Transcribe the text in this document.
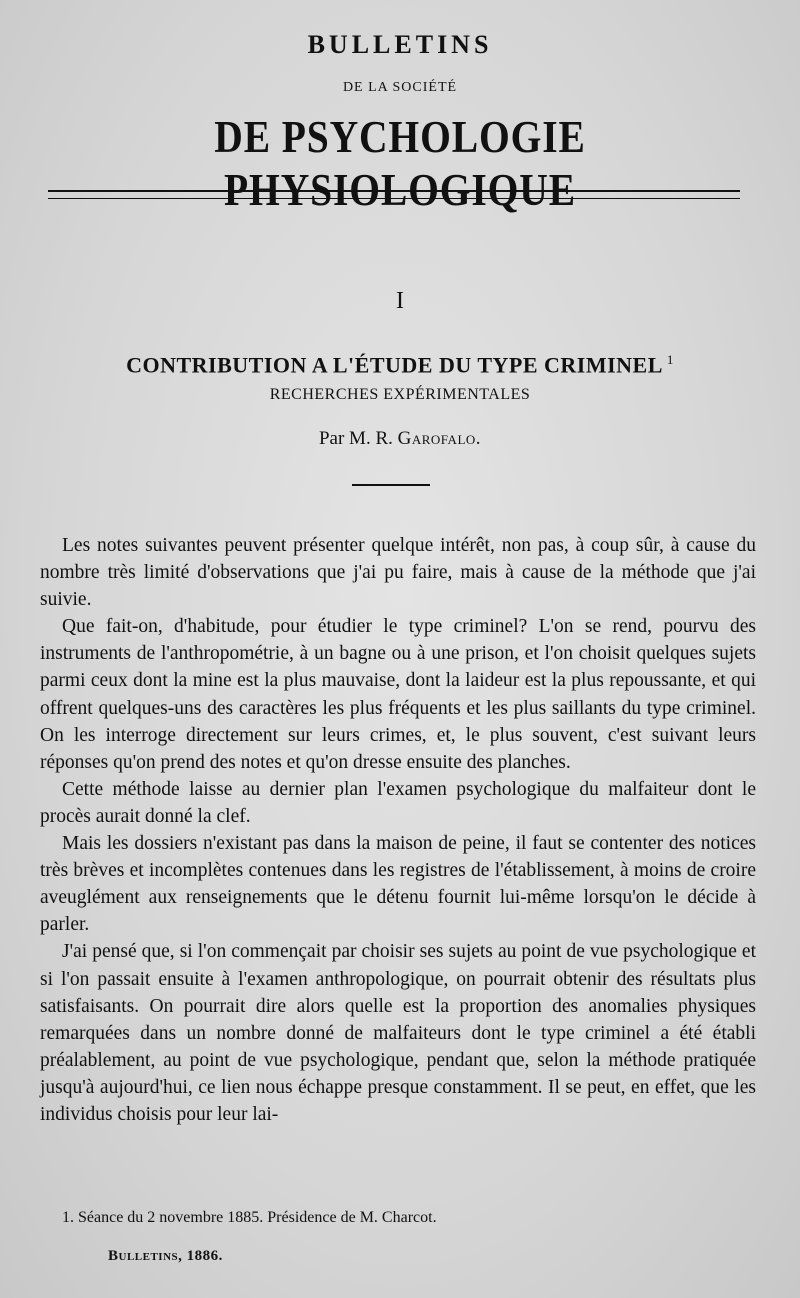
BULLETINS
DE LA SOCIÉTÉ
DE PSYCHOLOGIE PHYSIOLOGIQUE
I
CONTRIBUTION A L'ÉTUDE DU TYPE CRIMINEL $^1$
RECHERCHES EXPÉRIMENTALES
Par M. R. Garofalo.

Les notes suivantes peuvent présenter quelque intérêt, non pas, à coup sûr, à cause du nombre très limité d'observations que j'ai pu faire, mais à cause de la méthode que j'ai suivie.

Que fait-on, d'habitude, pour étudier le type criminel? L'on se rend, pourvu des instruments de l'anthropométrie, à un bagne ou à une prison, et l'on choisit quelques sujets parmi ceux dont la mine est la plus mauvaise, dont la laideur est la plus repoussante, et qui offrent quelques-uns des caractères les plus fréquents et les plus saillants du type criminel. On les interroge directement sur leurs crimes, et, le plus souvent, c'est suivant leurs réponses qu'on prend des notes et qu'on dresse ensuite des planches.

Cette méthode laisse au dernier plan l'examen psychologique du malfaiteur dont le procès aurait donné la clef.

Mais les dossiers n'existant pas dans la maison de peine, il faut se contenter des notices très brèves et incomplètes contenues dans les registres de l'établissement, à moins de croire aveuglément aux renseignements que le détenu fournit lui-même lorsqu'on le décide à parler.

J'ai pensé que, si l'on commençait par choisir ses sujets au point de vue psychologique et si l'on passait ensuite à l'examen anthropologique, on pourrait obtenir des résultats plus satisfaisants. On pourrait dire alors quelle est la proportion des anomalies physiques remarquées dans un nombre donné de malfaiteurs dont le type criminel a été établi préalablement, au point de vue psychologique, pendant que, selon la méthode pratiquée jusqu'à aujourd'hui, ce lien nous échappe presque constamment. Il se peut, en effet, que les individus choisis pour leur lai-

1. Séance du 2 novembre 1885. Présidence de M. Charcot.
Bulletins, 1886.
